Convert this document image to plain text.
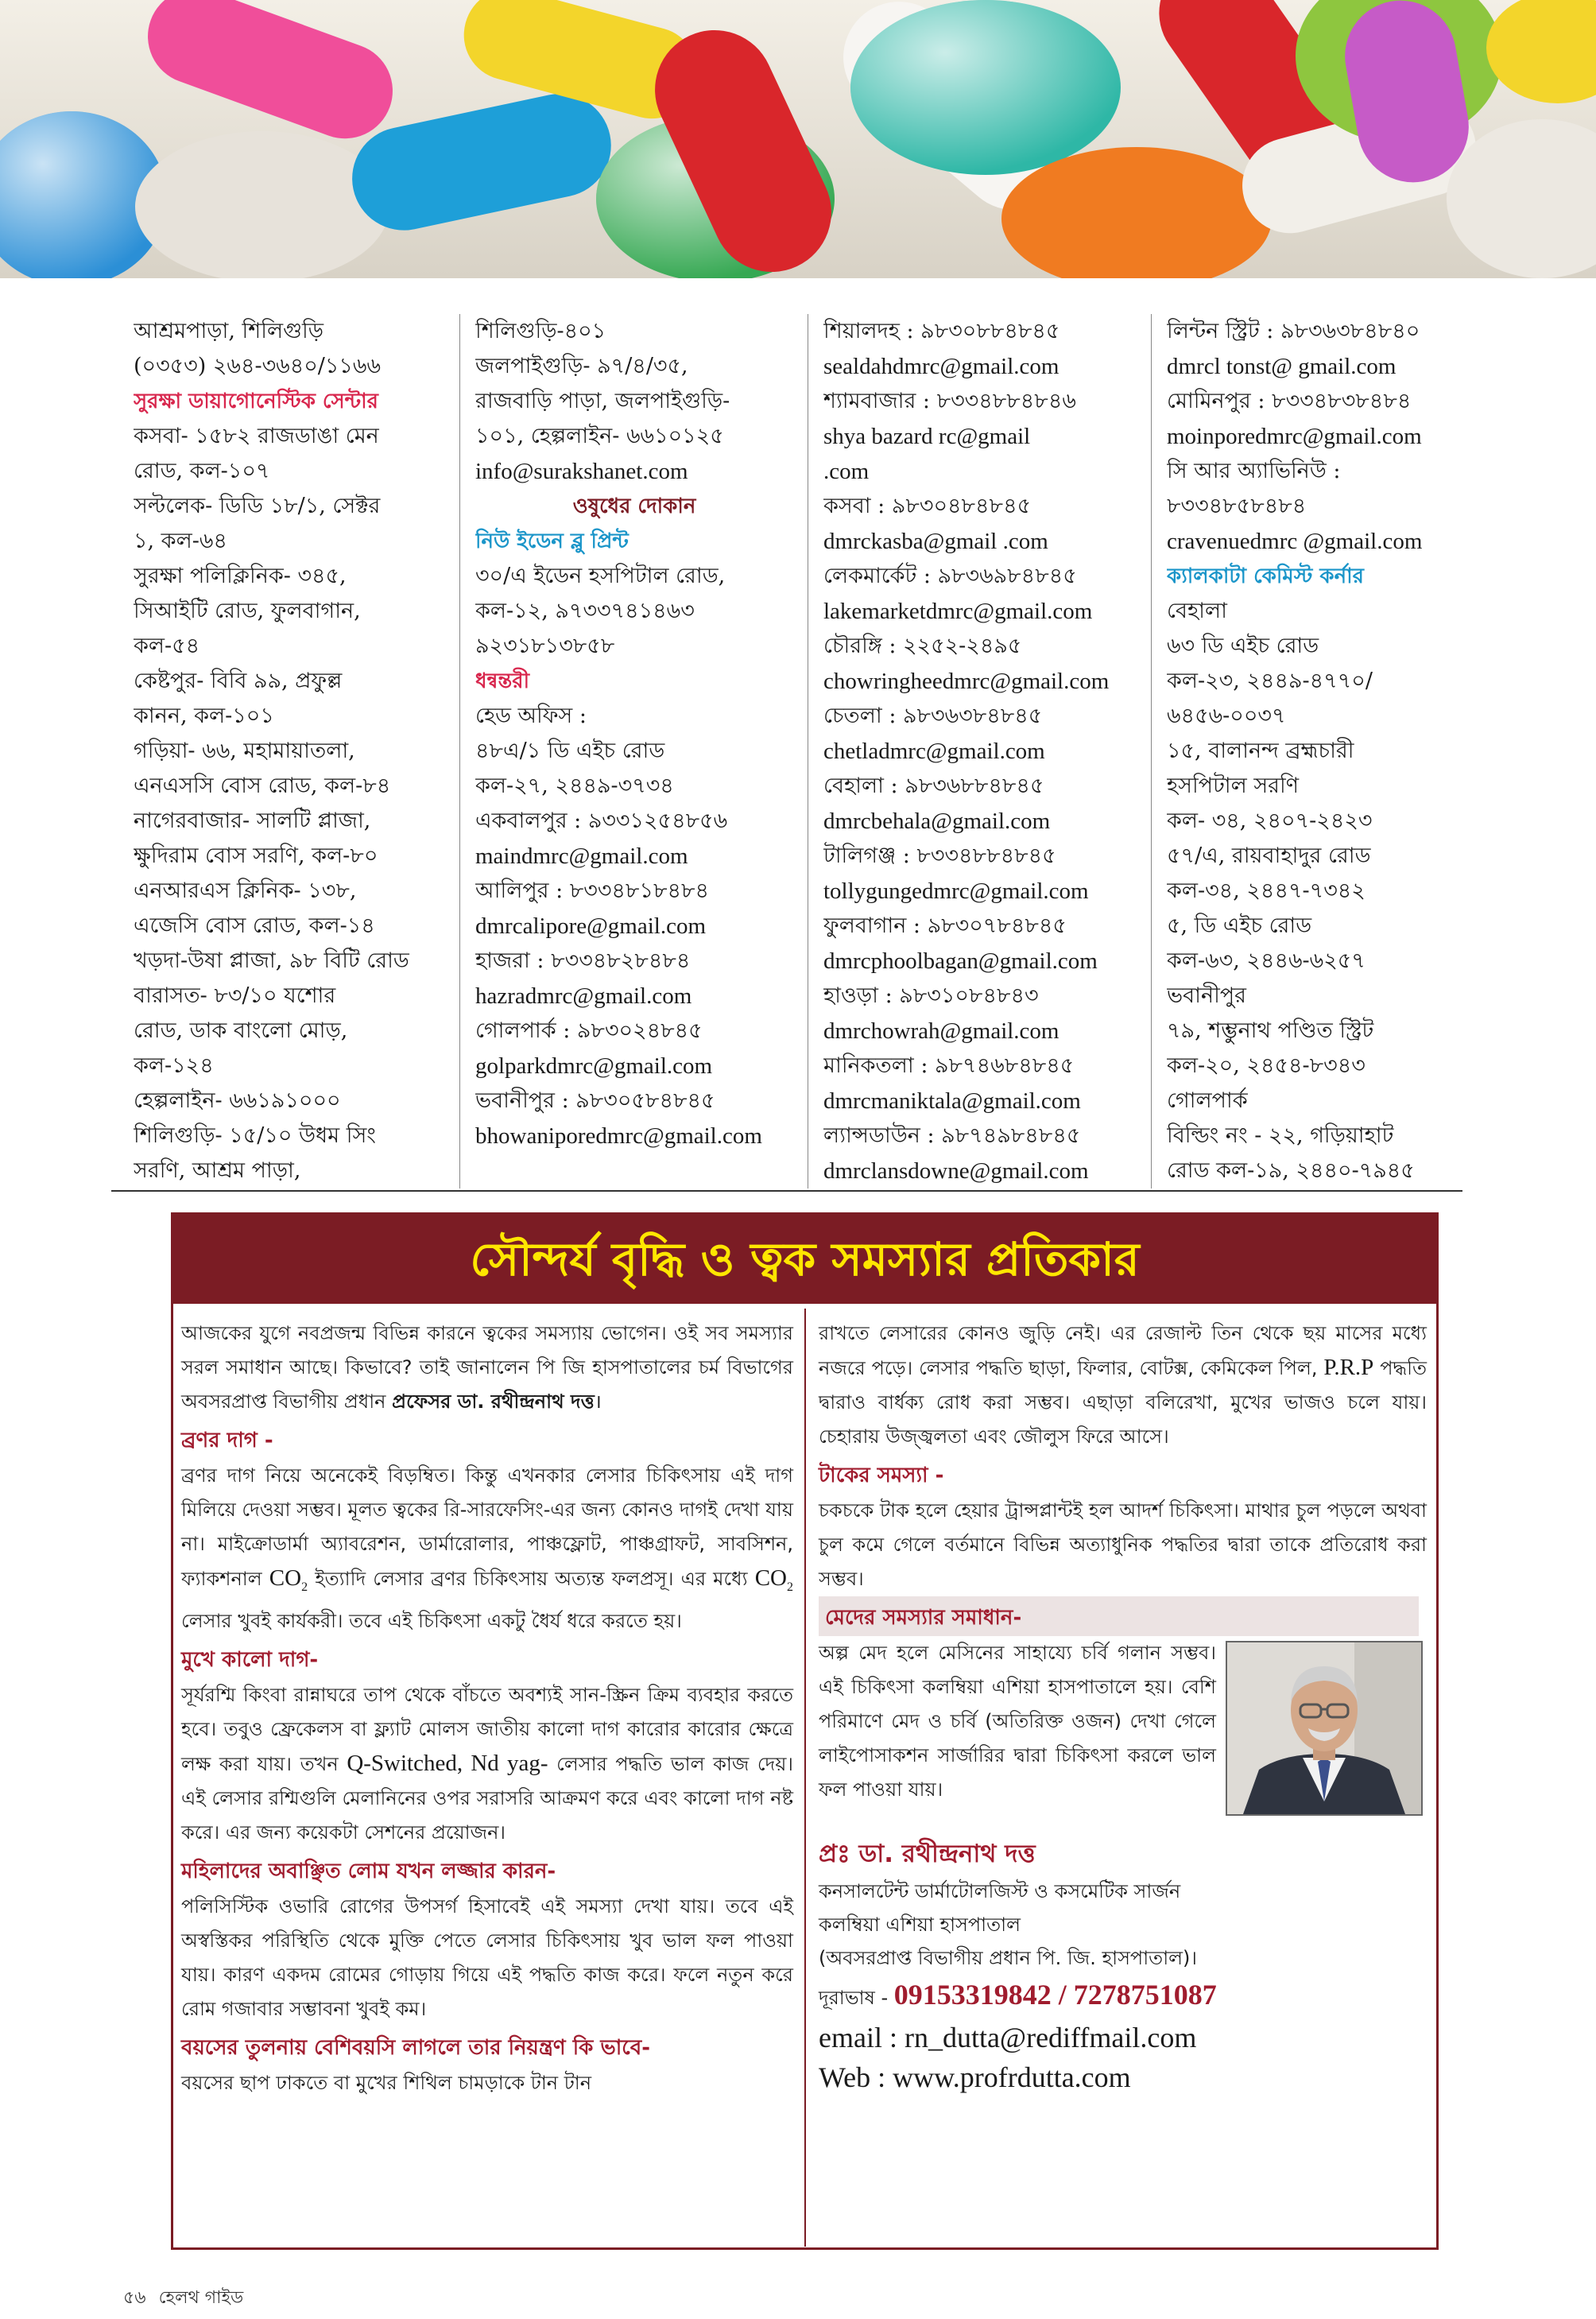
আশ্রমপাড়া, শিলিগুড়ি
(০৩৫৩) ২৬৪-৩৬৪০/১১৬৬
সুরক্ষা ডায়াগোনেস্টিক সেন্টার
কসবা- ১৫৮২ রাজডাঙা মেন
রোড, কল-১০৭
সল্টলেক- ডিডি ১৮/১, সেক্টর
১, কল-৬৪
সুরক্ষা পলিক্লিনিক- ৩৪৫,
সিআইটি রোড, ফুলবাগান,
কল-৫৪
কেষ্টপুর- বিবি ৯৯, প্রফুল্ল
কানন, কল-১০১
গড়িয়া- ৬৬, মহামায়াতলা,
এনএসসি বোস রোড, কল-৮৪
নাগেরবাজার- সালটি প্লাজা,
ক্ষুদিরাম বোস সরণি, কল-৮০
এনআরএস ক্লিনিক- ১৩৮,
এজেসি বোস রোড, কল-১৪
খড়দা-উষা প্লাজা, ৯৮ বিটি রোড
বারাসত- ৮৩/১০ যশোর
রোড, ডাক বাংলো মোড়,
কল-১২৪
হেল্পলাইন- ৬৬১৯১০০০
শিলিগুড়ি- ১৫/১০ উধম সিং
সরণি, আশ্রম পাড়া,
শিলিগুড়ি-৪০১
জলপাইগুড়ি- ৯৭/৪/৩৫,
রাজবাড়ি পাড়া, জলপাইগুড়ি-
১০১, হেল্পলাইন- ৬৬১০১২৫
info@surakshanet.com
ওষুধের দোকান
নিউ ইডেন ব্লু প্রিন্ট
৩০/এ ইডেন হসপিটাল রোড,
কল-১২, ৯৭৩৩৭৪১৪৬৩
৯২৩১৮১৩৮৫৮
ধন্বন্তরী
হেড অফিস :
৪৮এ/১ ডি এইচ রোড
কল-২৭, ২৪৪৯-৩৭৩৪
একবালপুর : ৯৩৩১২৫৪৮৫৬
maindmrc@gmail.com
আলিপুর : ৮৩৩৪৮১৮৪৮৪
dmrcalipore@gmail.com
হাজরা : ৮৩৩৪৮২৮৪৮৪
hazradmrc@gmail.com
গোলপার্ক : ৯৮৩০২৪৮৪৫
golparkdmrc@gmail.com
ভবানীপুর : ৯৮৩০৫৮৪৮৪৫
bhowaniporedmrc@gmail.com
শিয়ালদহ : ৯৮৩০৮৮৪৮৪৫
sealdahdmrc@gmail.com
শ্যামবাজার : ৮৩৩৪৮৮৪৮৪৬
shya bazard rc@gmail
.com
কসবা : ৯৮৩০৪৮৪৮৪৫
dmrckasba@gmail .com
লেকমার্কেট : ৯৮৩৬৯৮৪৮৪৫
lakemarketdmrc@gmail.com
চৌরঙ্গি : ২২৫২-২৪৯৫
chowringheedmrc@gmail.com
চেতলা : ৯৮৩৬৩৮৪৮৪৫
chetladmrc@gmail.com
বেহালা : ৯৮৩৬৮৮৪৮৪৫
dmrcbehala@gmail.com
টালিগঞ্জ : ৮৩৩৪৮৮৪৮৪৫
tollygungedmrc@gmail.com
ফুলবাগান : ৯৮৩০৭৮৪৮৪৫
dmrcphoolbagan@gmail.com
হাওড়া : ৯৮৩১০৮৪৮৪৩
dmrchowrah@gmail.com
মানিকতলা : ৯৮৭৪৬৮৪৮৪৫
dmrcmaniktala@gmail.com
ল্যান্সডাউন : ৯৮৭৪৯৮৪৮৪৫
dmrclansdowne@gmail.com
লিন্টন স্ট্রিট : ৯৮৩৬৩৮৪৮৪০
dmrcl tonst@ gmail.com
মোমিনপুর : ৮৩৩৪৮৩৮৪৮৪
moinporedmrc@gmail.com
সি আর অ্যাভিনিউ :
৮৩৩৪৮৫৮৪৮৪
cravenuedmrc @gmail.com
ক্যালকাটা কেমিস্ট কর্নার
বেহালা
৬৩ ডি এইচ রোড
কল-২৩, ২৪৪৯-৪৭৭০/
৬৪৫৬-০০৩৭
১৫, বালানন্দ ব্রহ্মচারী
হসপিটাল সরণি
কল- ৩৪, ২৪০৭-২৪২৩
৫৭/এ, রায়বাহাদুর রোড
কল-৩৪, ২৪৪৭-৭৩৪২
৫, ডি এইচ রোড
কল-৬৩, ২৪৪৬-৬২৫৭
ভবানীপুর
৭৯, শম্ভুনাথ পণ্ডিত স্ট্রিট
কল-২০, ২৪৫৪-৮৩৪৩
গোলপার্ক
বিল্ডিং নং - ২২, গড়িয়াহাট
রোড কল-১৯, ২৪৪০-৭৯৪৫
সৌন্দর্য বৃদ্ধি ও ত্বক সমস্যার প্রতিকার

আজকের যুগে নবপ্রজন্ম বিভিন্ন কারনে ত্বকের সমস্যায় ভোগেন। ওই সব সমস্যার সরল সমাধান আছে। কিভাবে? তাই জানালেন পি জি হাসপাতালের চর্ম বিভাগের অবসরপ্রাপ্ত বিভাগীয় প্রধান প্রফেসর ডা. রথীন্দ্রনাথ দত্ত।

ব্রণর দাগ -

ব্রণর দাগ নিয়ে অনেকেই বিড়ম্বিত। কিন্তু এখনকার লেসার চিকিৎসায় এই দাগ মিলিয়ে দেওয়া সম্ভব। মূলত ত্বকের রি-সারফেসিং-এর জন্য কোনও দাগই দেখা যায় না। মাইক্রোডার্মা অ্যাবরেশন, ডার্মারোলার, পাঞ্চফ্লোট, পাঞ্চগ্রাফট, সাবসিশন, ফ্যাকশনাল $CO_2$ ইত্যাদি লেসার ব্রণর চিকিৎসায় অত্যন্ত ফলপ্রসূ। এর মধ্যে $CO_2$ লেসার খুবই কার্যকরী। তবে এই চিকিৎসা একটু ধৈর্য ধরে করতে হয়।

মুখে কালো দাগ-

সূর্যরশ্মি কিংবা রান্নাঘরে তাপ থেকে বাঁচতে অবশ্যই সান-স্ক্রিন ক্রিম ব্যবহার করতে হবে। তবুও ফ্রেকেলস বা ফ্ল্যাট মোলস জাতীয় কালো দাগ কারোর কারোর ক্ষেত্রে লক্ষ করা যায়। তখন Q-Switched, Nd yag- লেসার পদ্ধতি ভাল কাজ দেয়। এই লেসার রশ্মিগুলি মেলানিনের ওপর সরাসরি আক্রমণ করে এবং কালো দাগ নষ্ট করে। এর জন্য কয়েকটা সেশনের প্রয়োজন।

মহিলাদের অবাঞ্ছিত লোম যখন লজ্জার কারন-

পলিসিস্টিক ওভারি রোগের উপসর্গ হিসাবেই এই সমস্যা দেখা যায়। তবে এই অস্বস্তিকর পরিস্থিতি থেকে মুক্তি পেতে লেসার চিকিৎসায় খুব ভাল ফল পাওয়া যায়। কারণ একদম রোমের গোড়ায় গিয়ে এই পদ্ধতি কাজ করে। ফলে নতুন করে রোম গজাবার সম্ভাবনা খুবই কম।

বয়সের তুলনায় বেশিবয়সি লাগলে তার নিয়ন্ত্রণ কি ভাবে-

বয়সের ছাপ ঢাকতে বা মুখের শিথিল চামড়াকে টান টান

রাখতে লেসারের কোনও জুড়ি নেই। এর রেজাল্ট তিন থেকে ছয় মাসের মধ্যে নজরে পড়ে। লেসার পদ্ধতি ছাড়া, ফিলার, বোটক্স, কেমিকেল পিল, P.R.P পদ্ধতি দ্বারাও বার্ধক্য রোধ করা সম্ভব। এছাড়া বলিরেখা, মুখের ভাজও চলে যায়। চেহারায় উজ্জ্বলতা এবং জৌলুস ফিরে আসে।

টাকের সমস্যা -

চকচকে টাক হলে হেয়ার ট্রান্সপ্লান্টই হল আদর্শ চিকিৎসা। মাথার চুল পড়লে অথবা চুল কমে গেলে বর্তমানে বিভিন্ন অত্যাধুনিক পদ্ধতির দ্বারা তাকে প্রতিরোধ করা সম্ভব।

মেদের সমস্যার সমাধান-

অল্প মেদ হলে মেসিনের সাহায্যে চর্বি গলান সম্ভব। এই চিকিৎসা কলম্বিয়া এশিয়া হাসপাতালে হয়। বেশি পরিমাণে মেদ ও চর্বি (অতিরিক্ত ওজন) দেখা গেলে লাইপোসাকশন সার্জারির দ্বারা চিকিৎসা করলে ভাল ফল পাওয়া যায়।

প্রঃ ডা. রথীন্দ্রনাথ দত্ত
কনসালটেন্ট ডার্মাটোলজিস্ট ও কসমেটিক সার্জন
কলম্বিয়া এশিয়া হাসপাতাল
(অবসরপ্রাপ্ত বিভাগীয় প্রধান পি. জি. হাসপাতাল)।
দূরাভাষ - 09153319842 / 7278751087
email : rn_dutta@rediffmail.com
Web : www.profrdutta.com
৫৬ হেলথ গাইড
